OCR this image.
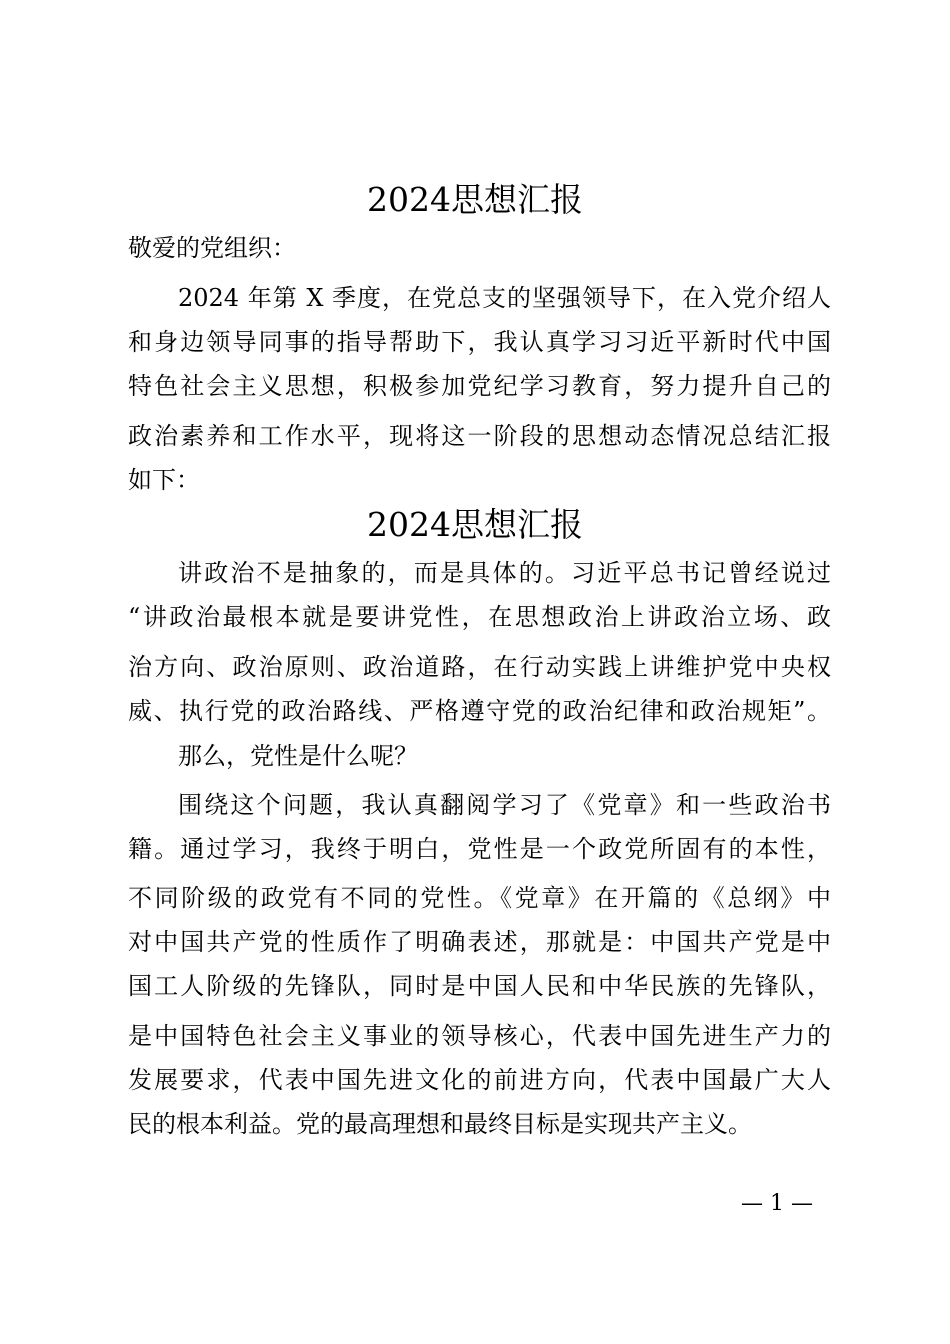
2024思想汇报
敬爱的党组织：
2024 年第 X 季度，在党总支的坚强领导下，在入党介绍人
和身边领导同事的指导帮助下，我认真学习习近平新时代中国
特色社会主义思想，积极参加党纪学习教育，努力提升自己的
政治素养和工作水平，现将这一阶段的思想动态情况总结汇报
如下：
2024思想汇报
讲政治不是抽象的，而是具体的。习近平总书记曾经说过
“讲政治最根本就是要讲党性，在思想政治上讲政治立场、政
治方向、政治原则、政治道路，在行动实践上讲维护党中央权
威、执行党的政治路线、严格遵守党的政治纪律和政治规矩”。
那么，党性是什么呢？
围绕这个问题，我认真翻阅学习了《党章》和一些政治书
籍。通过学习，我终于明白，党性是一个政党所固有的本性，
不同阶级的政党有不同的党性。《党章》在开篇的《总纲》中
对中国共产党的性质作了明确表述，那就是：中国共产党是中
国工人阶级的先锋队，同时是中国人民和中华民族的先锋队，
是中国特色社会主义事业的领导核心，代表中国先进生产力的
发展要求，代表中国先进文化的前进方向，代表中国最广大人
民的根本利益。党的最高理想和最终目标是实现共产主义。
— 1 —
